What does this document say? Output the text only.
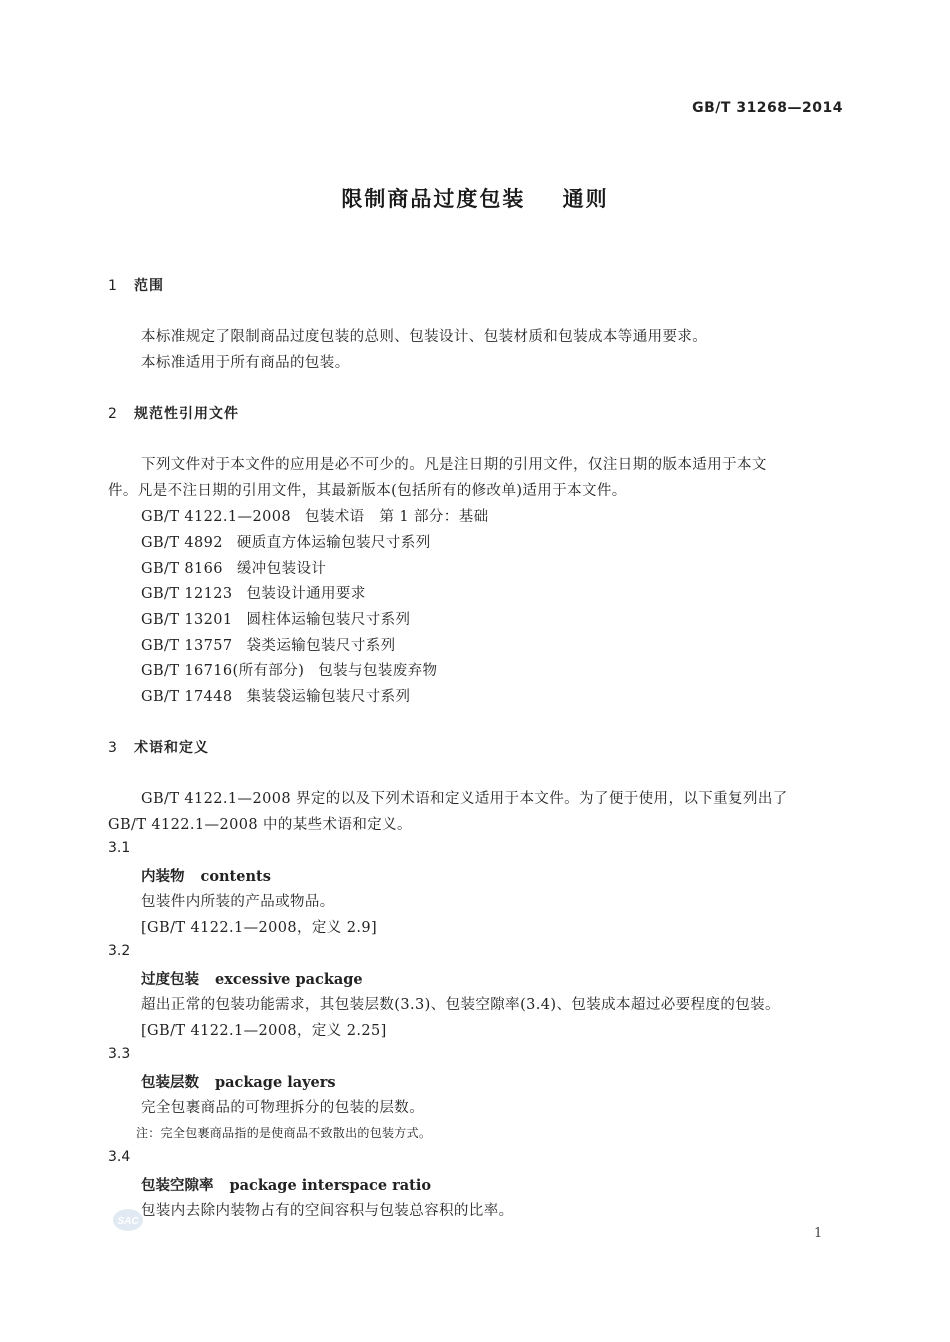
GB/T 31268—2014
限制商品过度包装    通则
1 范围
本标准规定了限制商品过度包装的总则、包装设计、包装材质和包装成本等通用要求。
本标准适用于所有商品的包装。
2 规范性引用文件
下列文件对于本文件的应用是必不可少的。凡是注日期的引用文件，仅注日期的版本适用于本文
件。凡是不注日期的引用文件，其最新版本(包括所有的修改单)适用于本文件。
GB/T 4122.1—2008 包装术语　第 1 部分：基础
GB/T 4892 硬质直方体运输包装尺寸系列
GB/T 8166 缓冲包装设计
GB/T 12123 包装设计通用要求
GB/T 13201 圆柱体运输包装尺寸系列
GB/T 13757 袋类运输包装尺寸系列
GB/T 16716(所有部分) 包装与包装废弃物
GB/T 17448 集装袋运输包装尺寸系列
3 术语和定义
GB/T 4122.1—2008 界定的以及下列术语和定义适用于本文件。为了便于使用，以下重复列出了
GB/T 4122.1—2008 中的某些术语和定义。
3.1
内装物 contents
包装件内所装的产品或物品。
[GB/T 4122.1—2008，定义 2.9]
3.2
过度包装 excessive package
超出正常的包装功能需求，其包装层数(3.3)、包装空隙率(3.4)、包装成本超过必要程度的包装。
[GB/T 4122.1—2008，定义 2.25]
3.3
包装层数 package layers
完全包裹商品的可物理拆分的包装的层数。
注：完全包裹商品指的是使商品不致散出的包装方式。
3.4
包装空隙率 package interspace ratio
包装内去除内装物占有的空间容积与包装总容积的比率。
SAC
1
